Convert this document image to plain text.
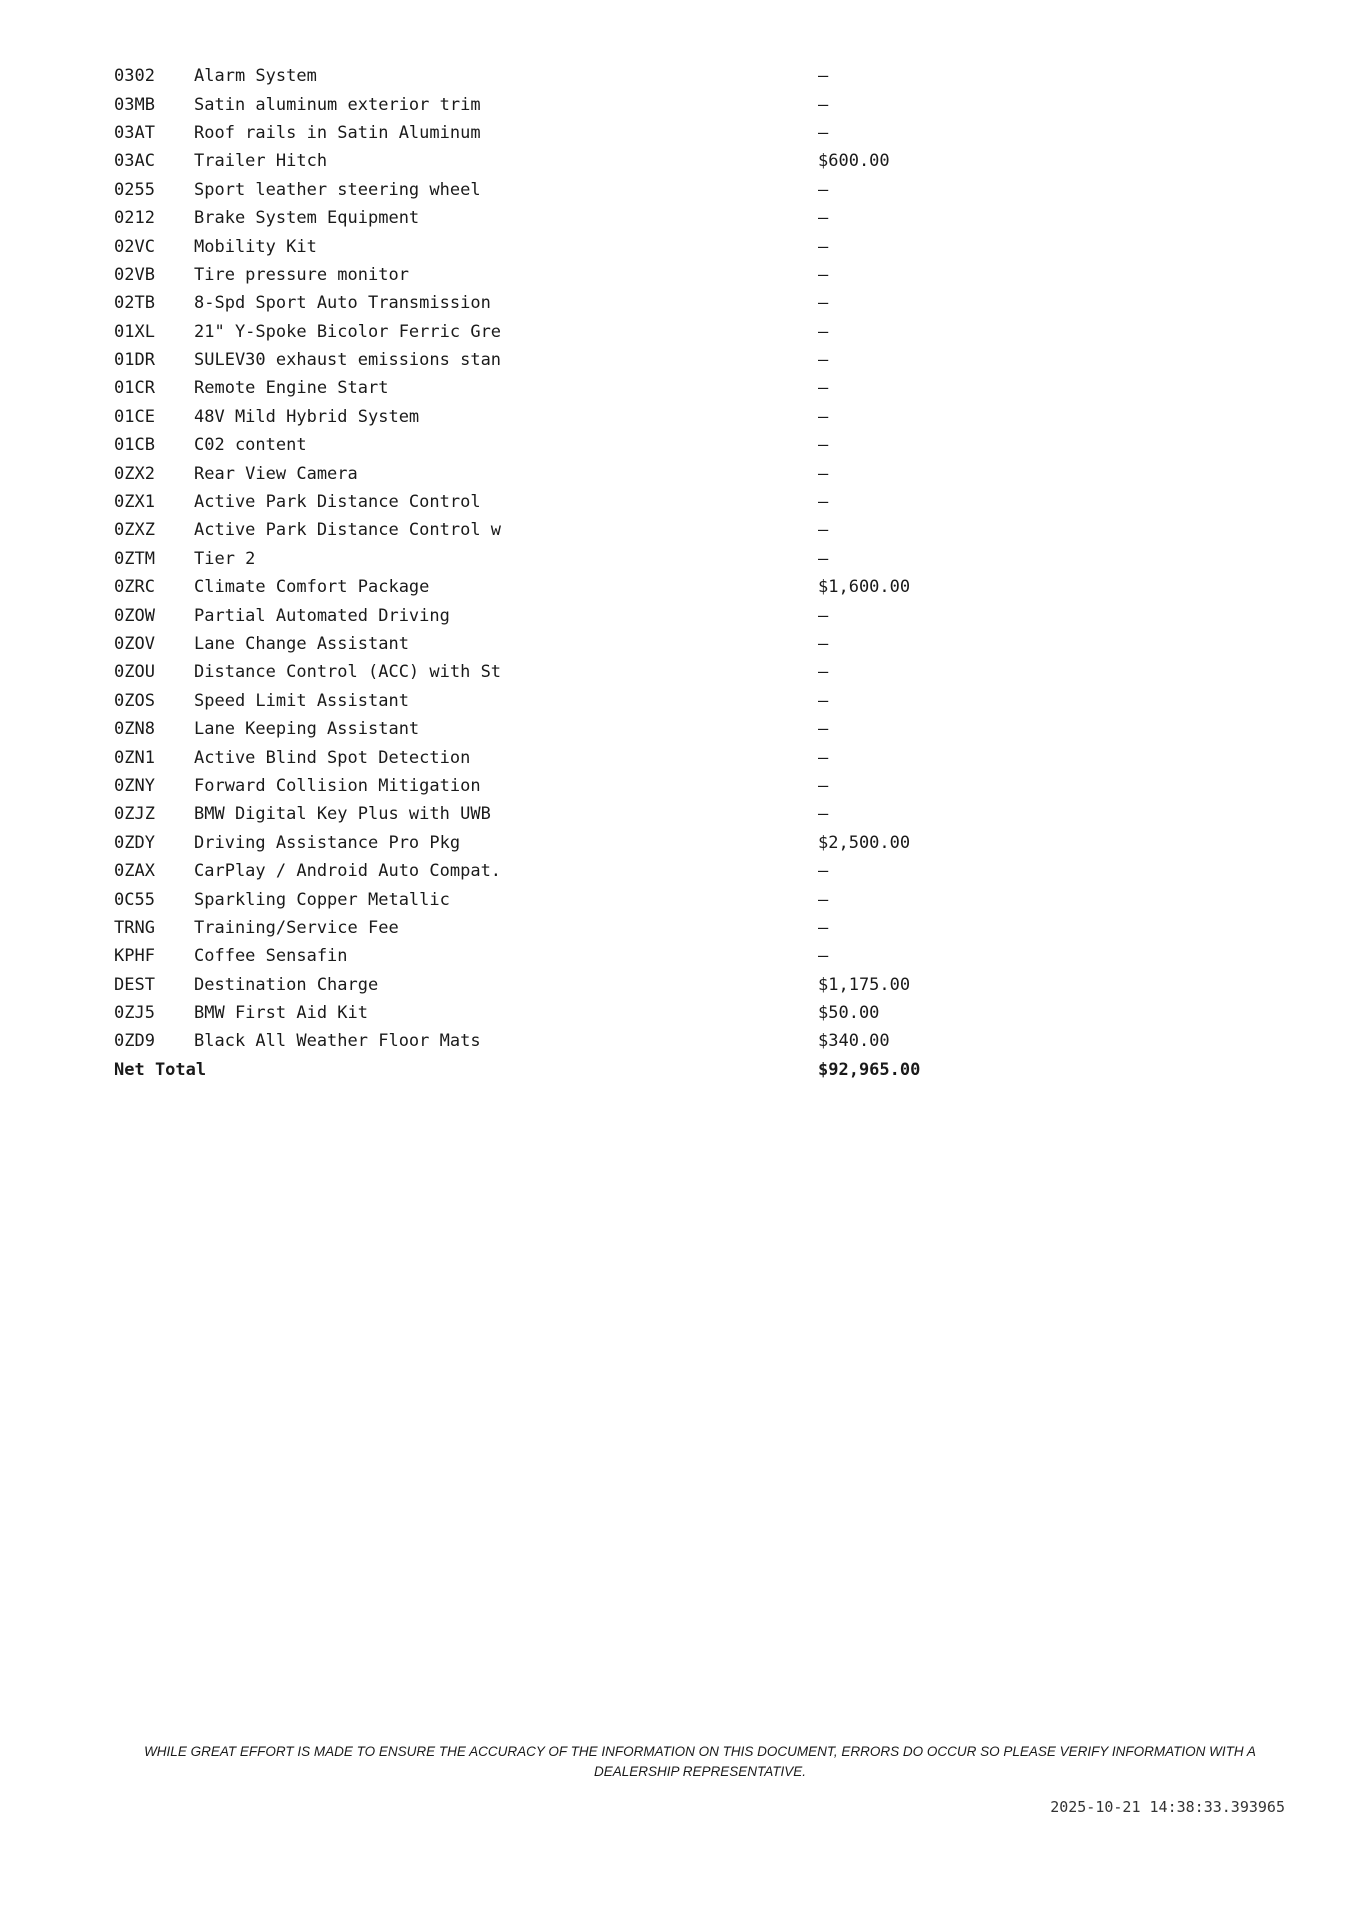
0302	Alarm System	—
03MB	Satin aluminum exterior trim	—
03AT	Roof rails in Satin Aluminum	—
03AC	Trailer Hitch	$600.00
0255	Sport leather steering wheel	—
0212	Brake System Equipment	—
02VC	Mobility Kit	—
02VB	Tire pressure monitor	—
02TB	8-Spd Sport Auto Transmission	—
01XL	21" Y-Spoke Bicolor Ferric Gre	—
01DR	SULEV30 exhaust emissions stan	—
01CR	Remote Engine Start	—
01CE	48V Mild Hybrid System	—
01CB	C02 content	—
0ZX2	Rear View Camera	—
0ZX1	Active Park Distance Control	—
0ZXZ	Active Park Distance Control w	—
0ZTM	Tier 2	—
0ZRC	Climate Comfort Package	$1,600.00
0ZOW	Partial Automated Driving	—
0ZOV	Lane Change Assistant	—
0ZOU	Distance Control (ACC) with St	—
0ZOS	Speed Limit Assistant	—
0ZN8	Lane Keeping Assistant	—
0ZN1	Active Blind Spot Detection	—
0ZNY	Forward Collision Mitigation	—
0ZJZ	BMW Digital Key Plus with UWB	—
0ZDY	Driving Assistance Pro Pkg	$2,500.00
0ZAX	CarPlay / Android Auto Compat.	—
0C55	Sparkling Copper Metallic	—
TRNG	Training/Service Fee	—
KPHF	Coffee Sensafin	—
DEST	Destination Charge	$1,175.00
0ZJ5	BMW First Aid Kit	$50.00
0ZD9	Black All Weather Floor Mats	$340.00
Net Total		$92,965.00
WHILE GREAT EFFORT IS MADE TO ENSURE THE ACCURACY OF THE INFORMATION ON THIS DOCUMENT, ERRORS DO OCCUR SO PLEASE VERIFY INFORMATION WITH A DEALERSHIP REPRESENTATIVE.
2025-10-21 14:38:33.393965
